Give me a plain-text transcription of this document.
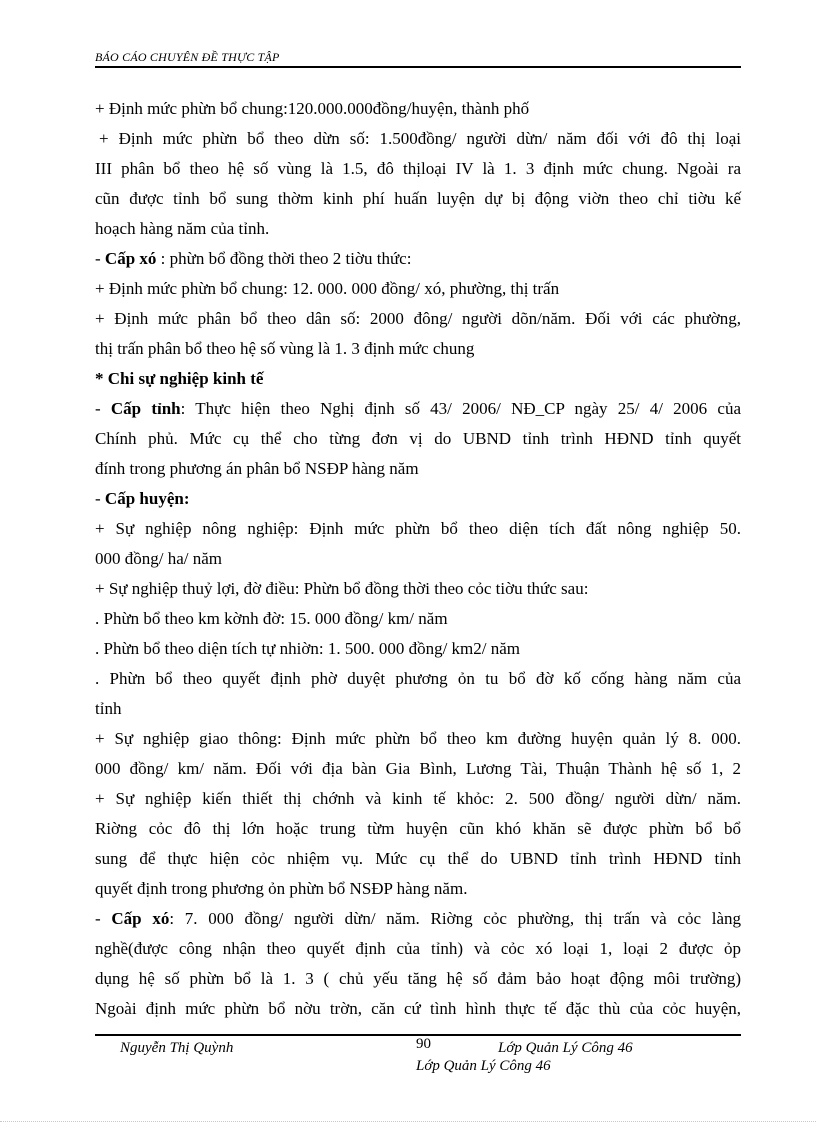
BÁO CÁO CHUYÊN ĐỀ THỰC TẬP
+ Định mức phừn bổ chung:120.000.000đồng/huyện, thành phố
+ Định mức phừn bổ theo dừn số: 1.500đồng/ người dừn/ năm đối với đô thị loại
III phân bổ theo hệ số vùng là 1.5, đô thịloại IV là 1. 3 định mức chung. Ngoài ra
cũn được tỉnh bổ sung thờm kinh phí huấn luyện dự bị động viờn theo chỉ tiờu kế
hoạch hàng năm của tỉnh.
- Cấp xó : phừn bổ đồng thời theo 2 tiờu thức:
+ Định mức phừn bổ chung: 12. 000. 000 đồng/ xó, phường, thị trấn
+ Định mức phân bổ theo dân số: 2000 đông/ người dõn/năm. Đối với các phường,
thị trấn phân bổ theo hệ số vùng là 1. 3 định mức chung
* Chi sự nghiệp kinh tế
- Cấp tỉnh: Thực hiện theo Nghị định số 43/ 2006/ NĐ_CP ngày 25/ 4/ 2006 của
Chính phủ. Mức cụ thể cho từng đơn vị do UBND tỉnh trình HĐND tỉnh quyết
đính trong phương án phân bổ NSĐP hàng năm
- Cấp huyện:
+ Sự nghiệp nông nghiệp: Định mức phừn bổ theo diện tích đất nông nghiệp 50.
000 đồng/ ha/ năm
+ Sự nghiệp thuỷ lợi, đờ điều: Phừn bổ đồng thời theo cỏc tiờu thức sau:
. Phừn bổ theo km kờnh đờ: 15. 000 đồng/ km/ năm
. Phừn bổ theo diện tích tự nhiờn: 1. 500. 000 đồng/ km2/ năm
. Phừn bổ theo quyết định phờ duyệt phương ỏn tu bổ đờ kố cống hàng năm của
tỉnh
+ Sự nghiệp giao thông: Định mức phừn bổ theo km đường huyện quản lý 8. 000.
000 đồng/ km/ năm. Đối với địa bàn Gia Bình, Lương Tài, Thuận Thành hệ số 1, 2
+ Sự nghiệp kiến thiết thị chớnh và kinh tế khỏc: 2. 500 đồng/ người dừn/ năm.
Riờng cỏc đô thị lớn hoặc trung từm huyện cũn khó khăn sẽ được phừn bổ bổ
sung để thực hiện cỏc nhiệm vụ. Mức cụ thể do UBND tỉnh trình HĐND tỉnh
quyết định trong phương ỏn phừn bổ NSĐP hàng năm.
- Cấp xó: 7. 000 đồng/ người dừn/ năm. Riờng cỏc phường, thị trấn và cỏc làng
nghề(được công nhận theo quyết định của tỉnh) và cỏc xó loại 1, loại 2 được ỏp
dụng hệ số phừn bổ là 1. 3 ( chủ yếu tăng hệ số đảm bảo hoạt động môi trường)
Ngoài định mức phừn bổ nờu trờn, căn cứ tình hình thực tế đặc thù của cỏc huyện,
Nguyễn Thị Quỳnh	90	Lớp Quản Lý Công 46
Lớp Quản Lý Công 46
